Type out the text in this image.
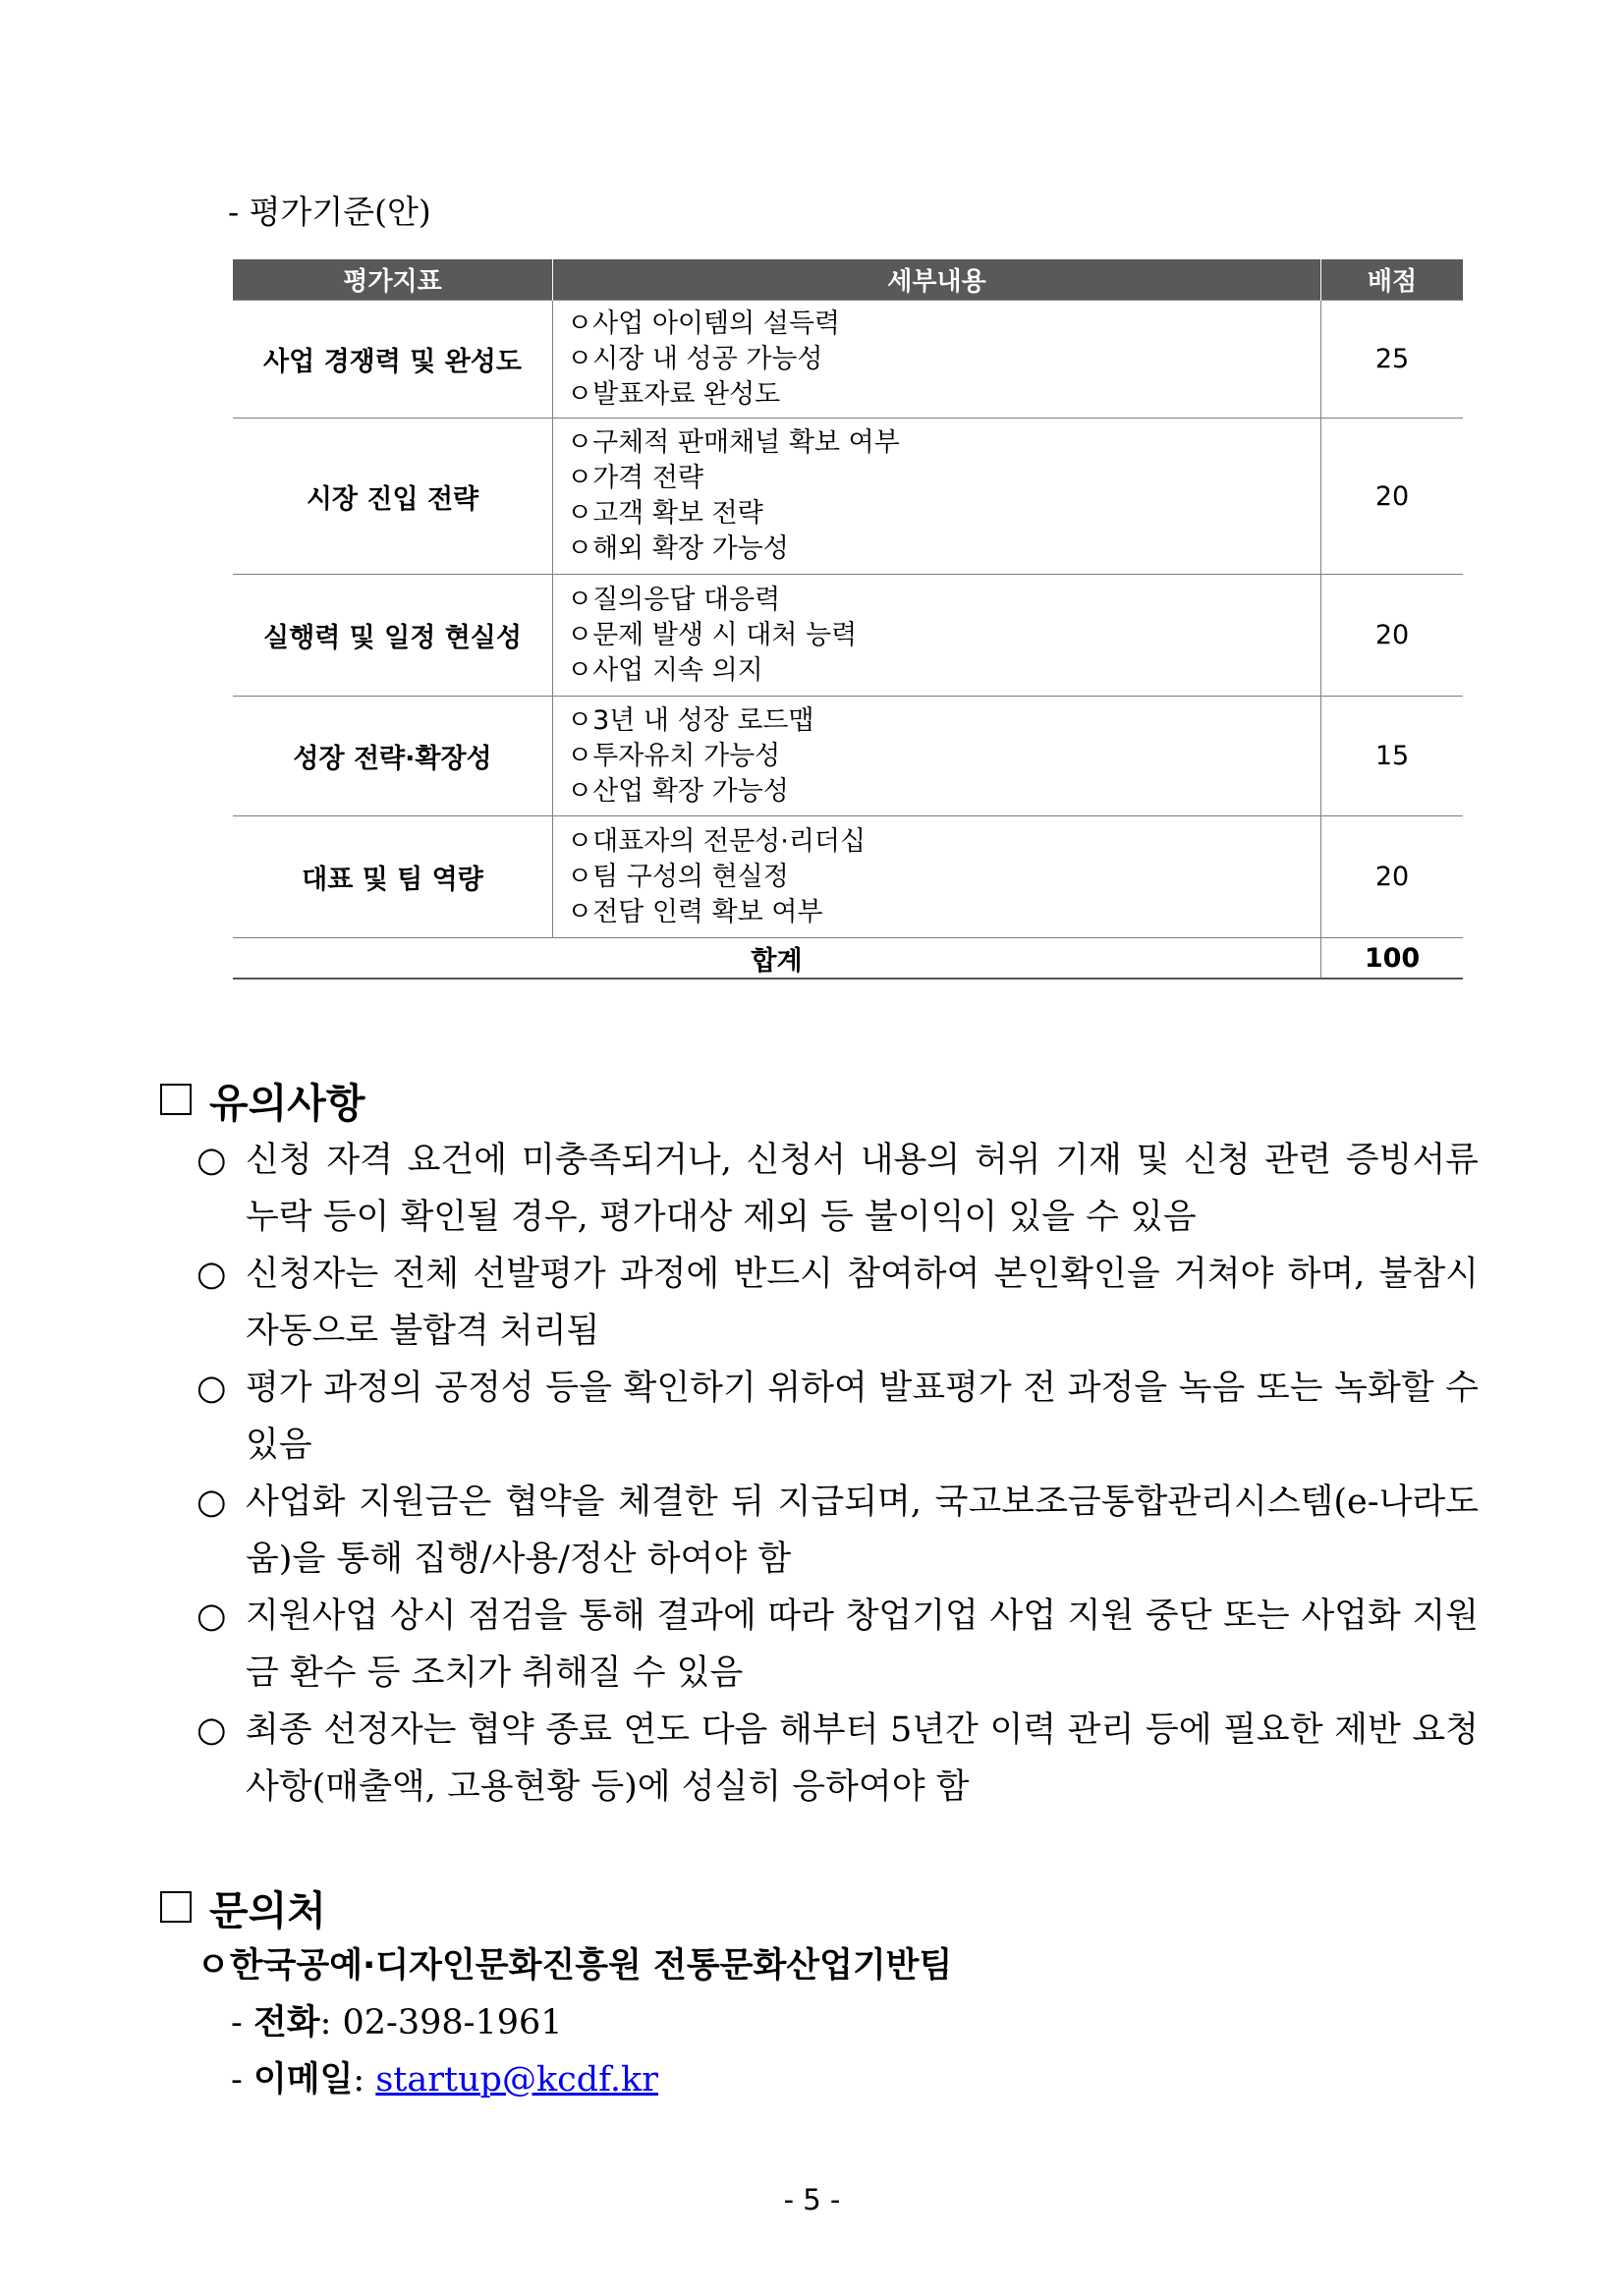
- 평가기준(안)
평가지표	세부내용	배점
사업 경쟁력 및 완성도	ㅇ사업 아이템의 설득력
ㅇ시장 내 성공 가능성
ㅇ발표자료 완성도	25
시장 진입 전략	ㅇ구체적 판매채널 확보 여부
ㅇ가격 전략
ㅇ고객 확보 전략
ㅇ해외 확장 가능성	20
실행력 및 일정 현실성	ㅇ질의응답 대응력
ㅇ문제 발생 시 대처 능력
ㅇ사업 지속 의지	20
성장 전략·확장성	ㅇ3년 내 성장 로드맵
ㅇ투자유치 가능성
ㅇ산업 확장 가능성	15
대표 및 팀 역량	ㅇ대표자의 전문성·리더십
ㅇ팀 구성의 현실정
ㅇ전담 인력 확보 여부	20
합계		100
유의사항
○ 신청 자격 요건에 미충족되거나, 신청서 내용의 허위 기재 및 신청 관련 증빙서류 누락 등이 확인될 경우, 평가대상 제외 등 불이익이 있을 수 있음
○ 신청자는 전체 선발평가 과정에 반드시 참여하여 본인확인을 거쳐야 하며, 불참시 자동으로 불합격 처리됨
○ 평가 과정의 공정성 등을 확인하기 위하여 발표평가 전 과정을 녹음 또는 녹화할 수 있음
○ 사업화 지원금은 협약을 체결한 뒤 지급되며, 국고보조금통합관리시스템(e-나라도움)을 통해 집행/사용/정산 하여야 함
○ 지원사업 상시 점검을 통해 결과에 따라 창업기업 사업 지원 중단 또는 사업화 지원금 환수 등 조치가 취해질 수 있음
○ 최종 선정자는 협약 종료 연도 다음 해부터 5년간 이력 관리 등에 필요한 제반 요청사항(매출액, 고용현황 등)에 성실히 응하여야 함
문의처
ㅇ한국공예·디자인문화진흥원 전통문화산업기반팀
- 전화: 02-398-1961
- 이메일: startup@kcdf.kr
- 5 -
